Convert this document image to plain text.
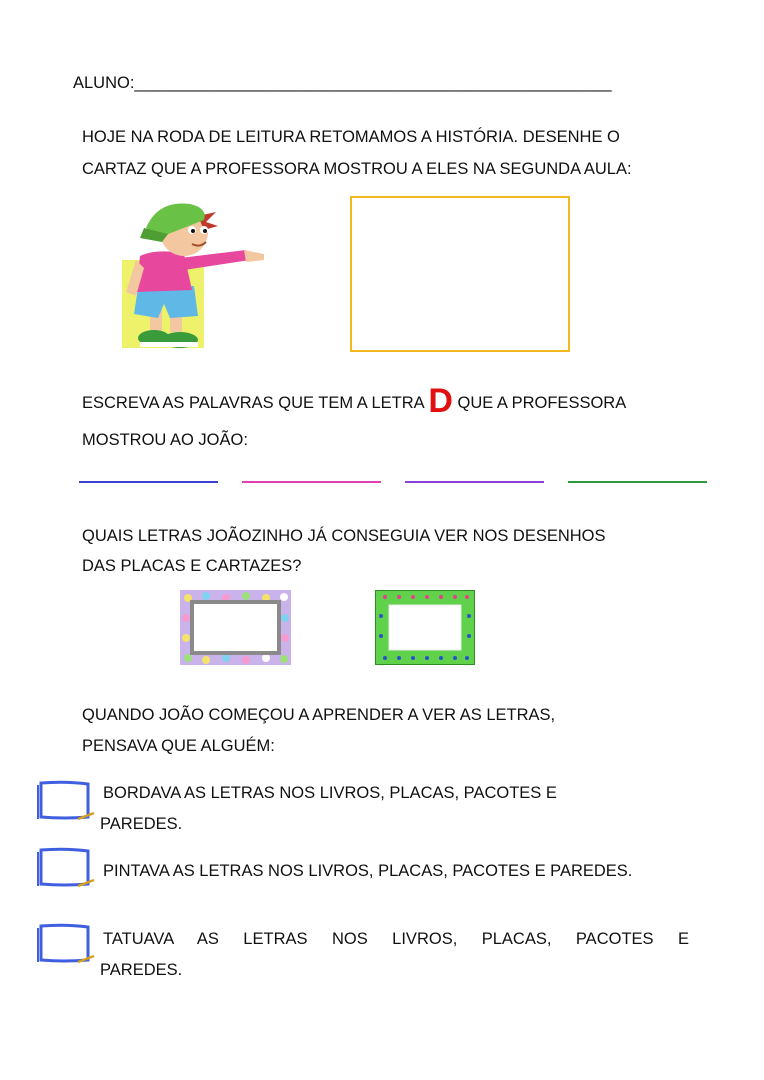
ALUNO:____________________________________________________
HOJE NA RODA DE LEITURA RETOMAMOS A HISTÓRIA. DESENHE O
CARTAZ QUE A PROFESSORA MOSTROU A ELES NA SEGUNDA AULA:
ESCREVA AS PALAVRAS QUE TEM A LETRA D QUE A PROFESSORA
MOSTROU AO JOÃO:
QUAIS LETRAS JOÃOZINHO JÁ CONSEGUIA VER NOS DESENHOS
DAS PLACAS E CARTAZES?
QUANDO JOÃO COMEÇOU A APRENDER A VER AS LETRAS,
PENSAVA QUE ALGUÉM:
BORDAVA AS LETRAS NOS LIVROS, PLACAS, PACOTES E
PAREDES.
PINTAVA AS LETRAS NOS LIVROS, PLACAS, PACOTES E PAREDES.
TATUAVA AS LETRAS NOS LIVROS, PLACAS, PACOTES E
PAREDES.
